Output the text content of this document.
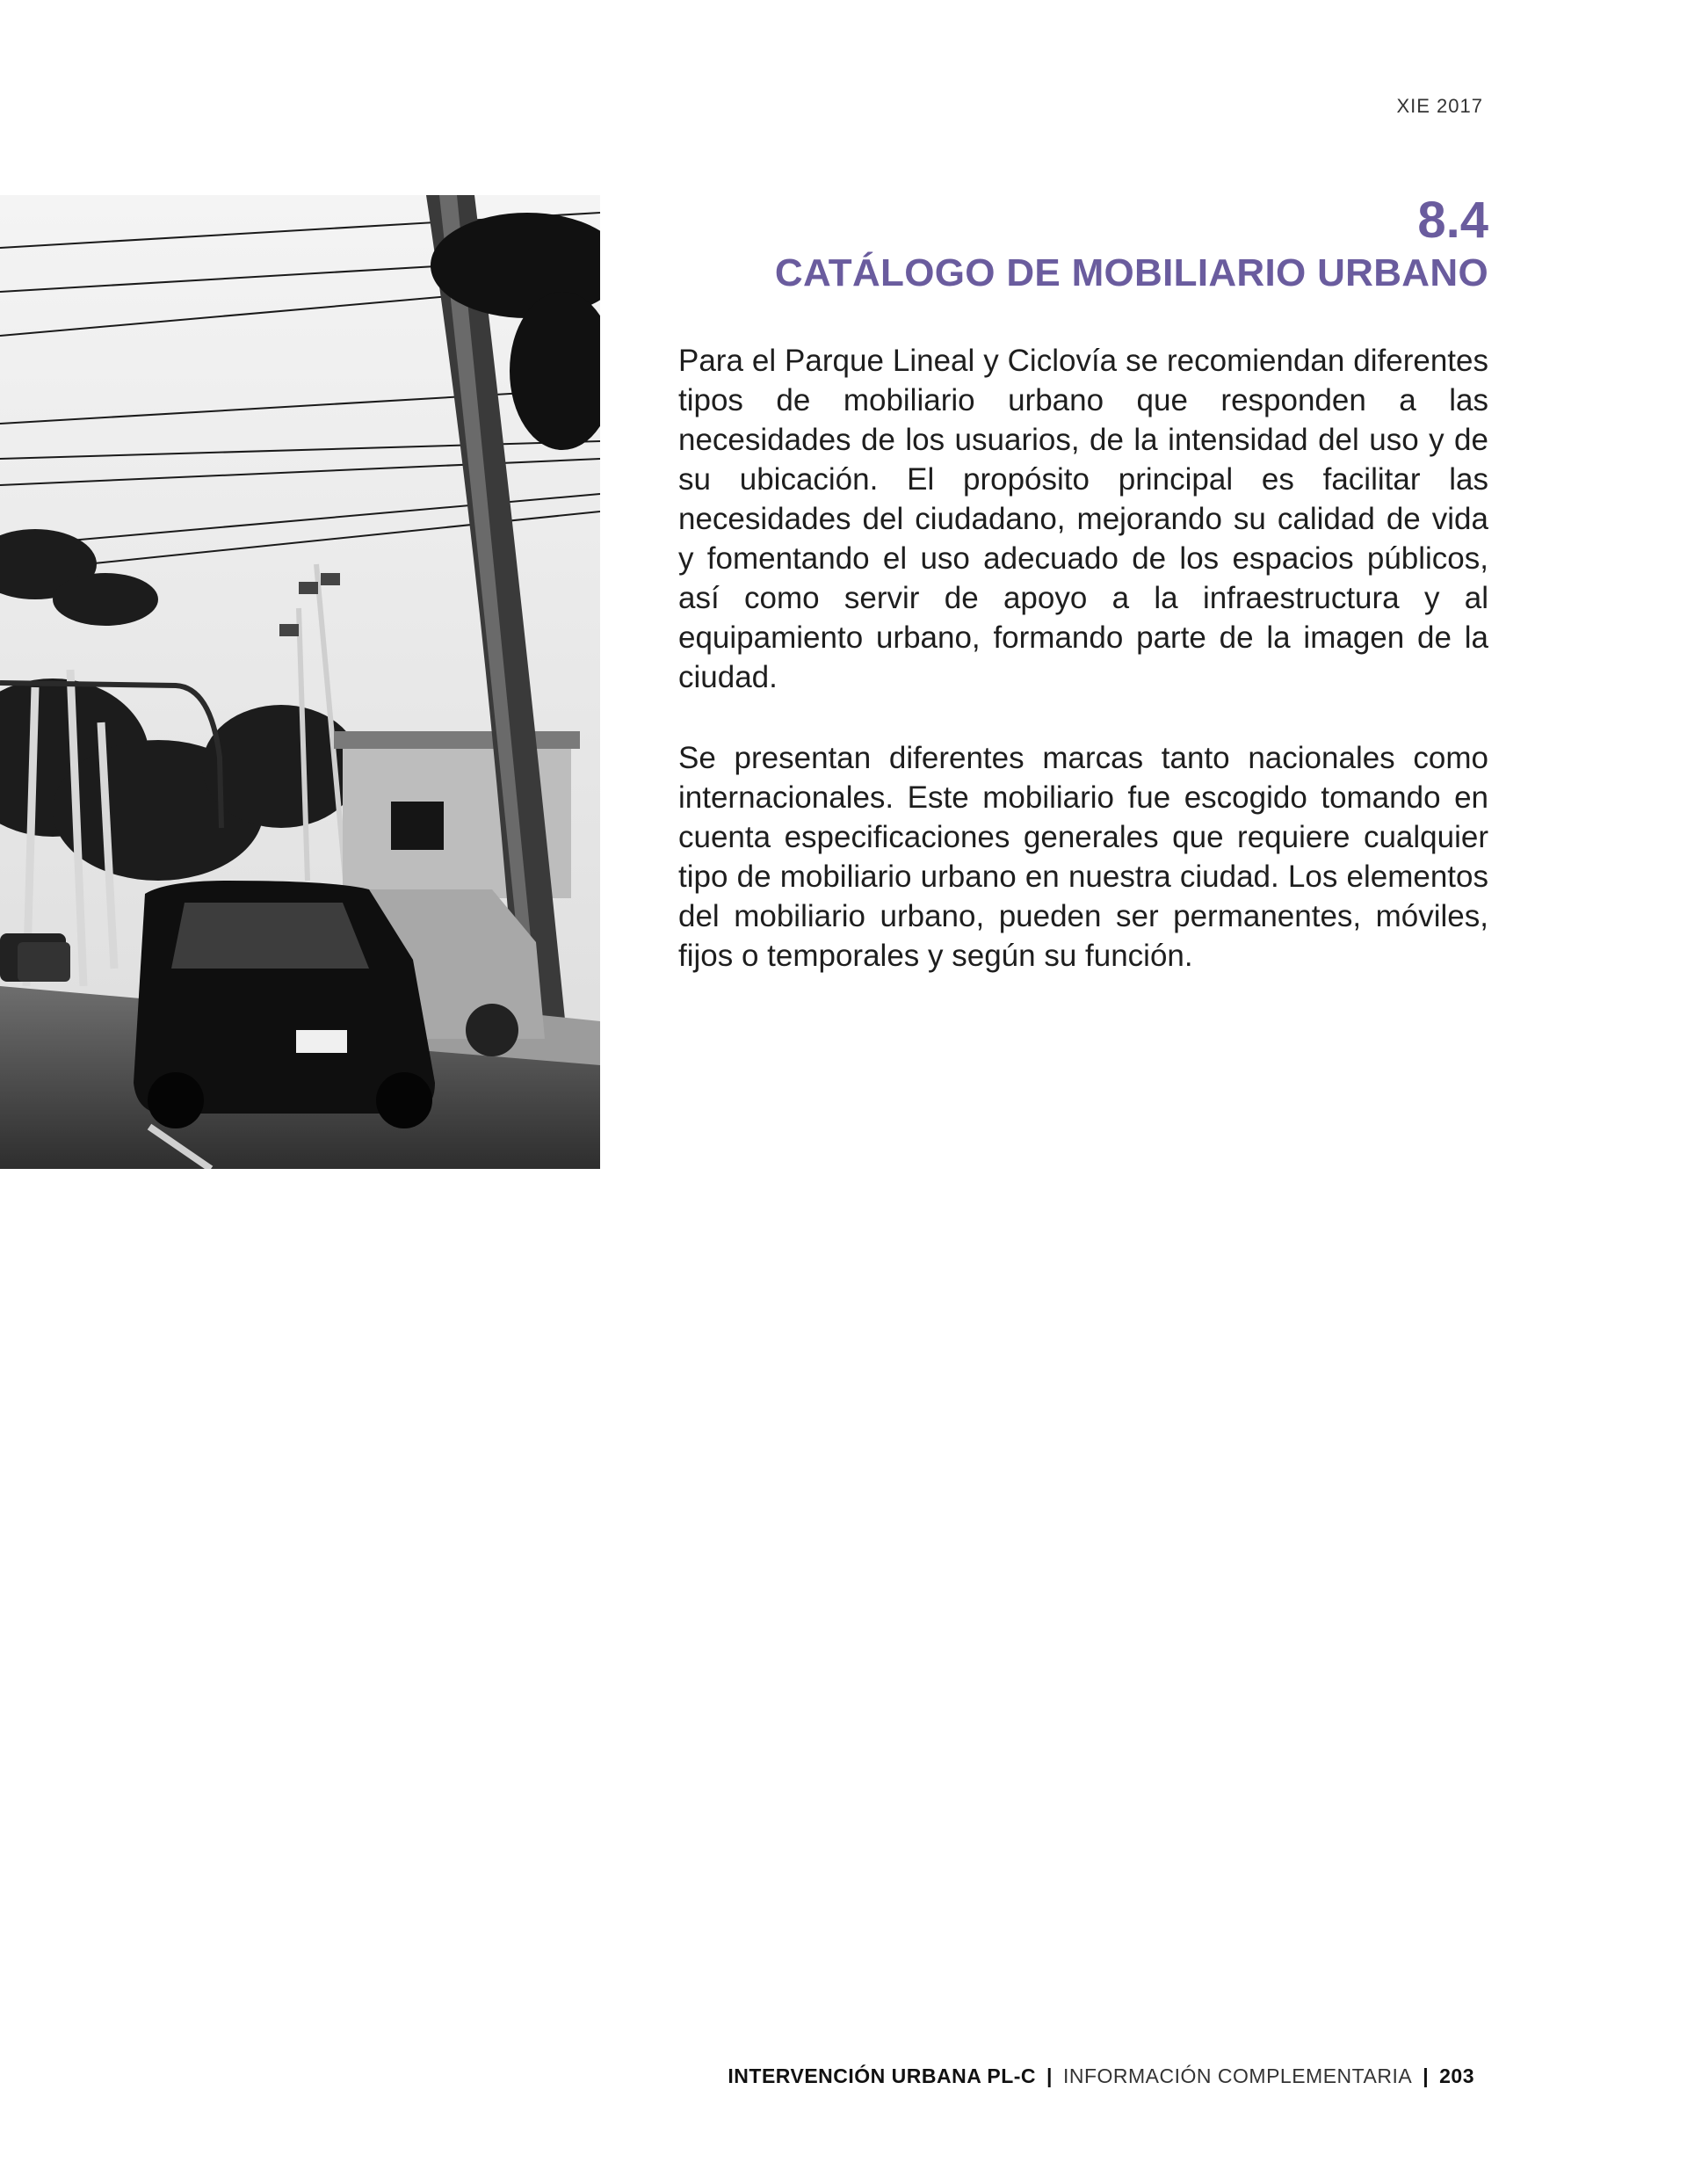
XIE 2017
8.4
CATÁLOGO DE MOBILIARIO URBANO

Para el Parque Lineal y Ciclovía se recomiendan diferentes tipos de mobiliario urbano que responden a las necesidades de los usuarios, de la intensidad del uso y de su ubicación. El propósito principal es facilitar las necesidades del ciudadano, mejorando su calidad de vida y fomentando el uso adecuado de los espacios públicos, así como servir de apoyo a la infraestructura y al equipamiento urbano, formando parte de la imagen de la ciudad.

Se presentan diferentes marcas tanto nacionales como internacionales. Este mobiliario fue escogido tomando en cuenta especificaciones generales que requiere cualquier tipo de mobiliario urbano en nuestra ciudad. Los elementos del mobiliario urbano, pueden ser permanentes, móviles, fijos o temporales y según su función.

INTERVENCIÓN URBANA PL-C | INFORMACIÓN COMPLEMENTARIA | 203
